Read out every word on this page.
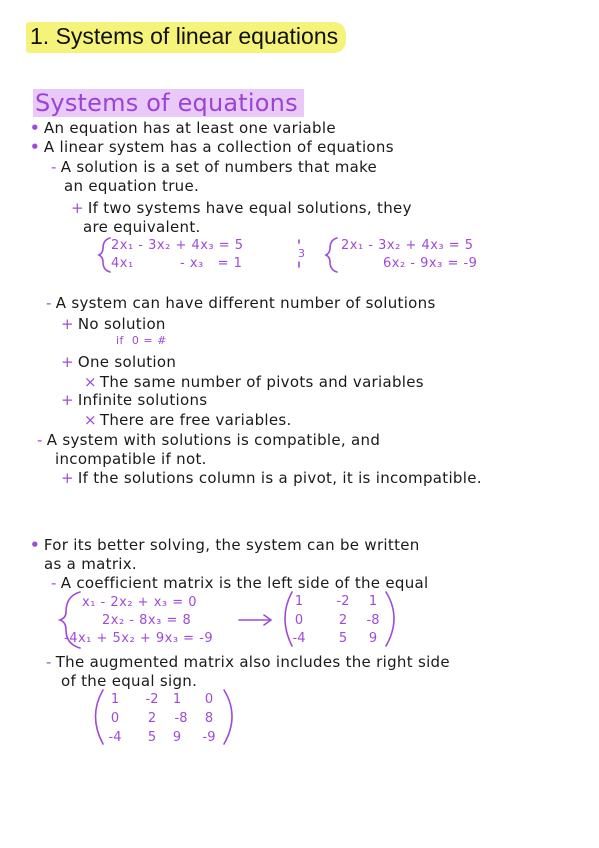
1. Systems of linear equations
Systems of equations
• An equation has at least one variable
• A linear system has a collection of equations
- A solution is a set of numbers that make
an equation true.
+ If two systems have equal solutions, they
are equivalent.
2x₁ - 3x₂ + 4x₃ = 5
4x₁          - x₃   = 1
3
2x₁ - 3x₂ + 4x₃ = 5
6x₂ - 9x₃ = -9
- A system can have different number of solutions
+ No solution
if  0 = #
+ One solution
× The same number of pivots and variables
+ Infinite solutions
× There are free variables.
- A system with solutions is compatible, and
incompatible if not.
+ If the solutions column is a pivot, it is incompatible.
• For its better solving, the system can be written
as a matrix.
- A coefficient matrix is the left side of the equal
x₁ - 2x₂ + x₃ = 0
2x₂ - 8x₃ = 8
-4x₁ + 5x₂ + 9x₃ = -9
1	-2	1
0	2	-8
-4	5	9
- The augmented matrix also includes the right side
of the equal sign.
1	-2	1	0
0	2	-8	8
-4	5	9	-9
